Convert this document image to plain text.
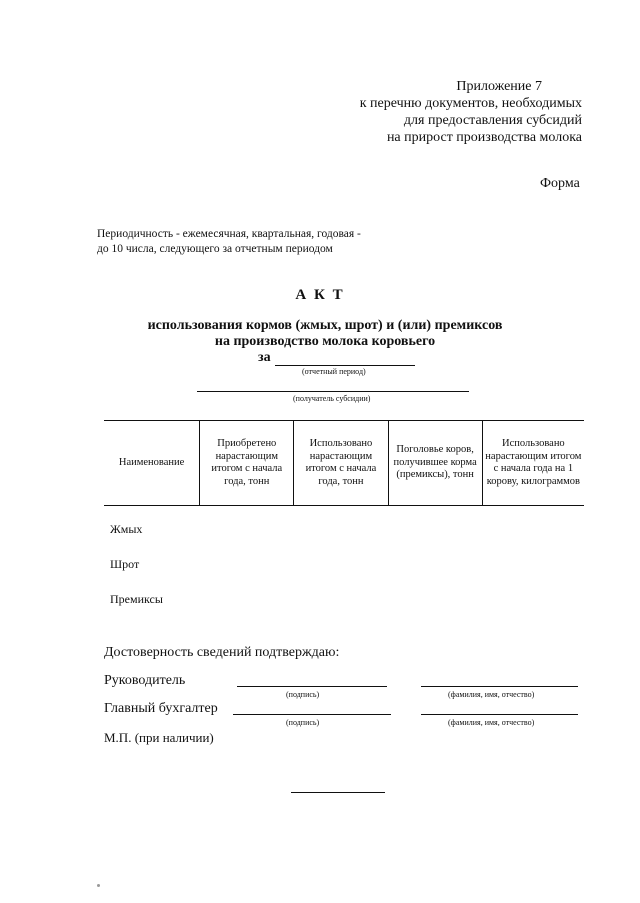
Приложение 7
к перечню документов, необходимых
для предоставления субсидий
на прирост производства молока
Форма
Периодичность - ежемесячная, квартальная, годовая -
до 10 числа, следующего за отчетным периодом
А К Т
использования кормов (жмых, шрот) и (или) премиксов
на производство молока коровьего
за
(отчетный период)
(получатель субсидии)
Наименование	Приобретено нарастающим итогом с начала года, тонн	Использовано нарастающим итогом с начала года, тонн	Поголовье коров, получившее корма (премиксы), тонн	Использовано нарастающим итогом с начала года на 1 корову, килограммов
Жмых
Шрот
Премиксы
Достоверность сведений подтверждаю:
Руководитель
(подпись)	(фамилия, имя, отчество)
Главный бухгалтер
(подпись)	(фамилия, имя, отчество)
М.П. (при наличии)
